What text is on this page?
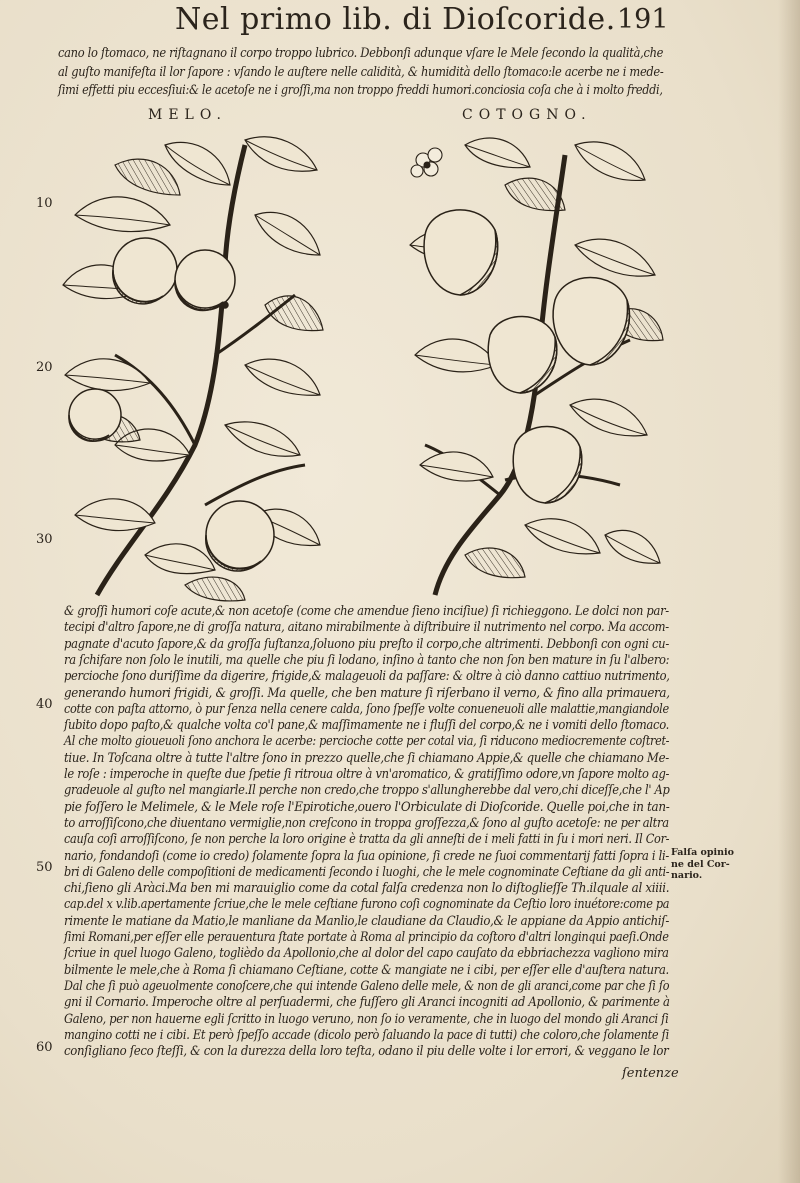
Nel primo lib. di Dioſcoride. 191
cano lo ſtomaco, ne riſtagnano il corpo troppo lubrico. Debbonſi adunque vſare le Mele ſecondo la qualità,che
al guſto manifeſta il lor ſapore : vſando le auſtere nelle calidità, & humidità dello ſtomaco:le acerbe ne i mede-
ſimi effetti piu eccesſiui:& le acetoſe ne i groſſi,ma non troppo freddi humori.conciosia coſa che à i molto freddi,
MELO.	COTOGNO.
& groſſi humori coſe acute,& non acetoſe (come che amendue ſieno inciſiue) ſi richieggono. Le dolci non par-
tecipi d'altro ſapore,ne di groſſa natura, aitano mirabilmente à diſtribuire il nutrimento nel corpo. Ma accom-
pagnate d'acuto ſapore,& da groſſa ſuſtanza,ſoluono piu preſto il corpo,che altrimenti. Debbonſi con ogni cu-
ra ſchifare non ſolo le inutili, ma quelle che piu ſi lodano, inſino à tanto che non ſon ben mature in ſu l'albero:
percioche ſono duriſſime da digerire, frigide,& malageuoli da paſſare: & oltre à ciò danno cattiuo nutrimento,
generando humori frigidi, & groſſi. Ma quelle, che ben mature ſi riſerbano il verno, & fino alla primauera,
cotte con paſta attorno, ò pur ſenza nella cenere calda, ſono ſpeſſe volte conueneuoli alle malattie,mangiandole
ſubito dopo paſto,& qualche volta co'l pane,& maſſimamente ne i fluſſi del corpo,& ne i vomiti dello ſtomaco.
Al che molto gioueuoli ſono anchora le acerbe: percioche cotte per cotal via, ſi riducono mediocremente coſtret-
tiue. In Toſcana oltre à tutte l'altre ſono in prezzo quelle,che ſi chiamano Appie,& quelle che chiamano Me-
le roſe : imperoche in queſte due ſpetie ſi ritroua oltre à vn'aromatico, & gratiſſimo odore,vn ſapore molto ag-
gradeuole al guſto nel mangiarle.Il perche non credo,che troppo s'allungherebbe dal vero,chi diceſſe,che l' Ap
pie foſſero le Melimele, & le Mele roſe l'Epirotiche,ouero l'Orbiculate di Dioſcoride. Quelle poi,che in tan-
to arroſſiſcono,che diuentano vermiglie,non creſcono in troppa groſſezza,& ſono al guſto acetoſe: ne per altra
cauſa coſi arroſſiſcono, ſe non perche la loro origine è tratta da gli anneſti de i meli fatti in ſu i mori neri. Il Cor-
nario, fondandoſi (come io credo) ſolamente ſopra la ſua opinione, ſi crede ne ſuoi commentarij fatti ſopra i li-
bri di Galeno delle compoſitioni de medicamenti ſecondo i luoghi, che le mele cognominate Ceſtiane da gli anti-
chi,ſieno gli Aràci.Ma ben mi marauiglio come da cotal falſa credenza non lo diſtoglieſſe Th.ilquale al xiiii.
cap.del x v.lib.apertamente ſcriue,che le mele ceſtiane furono coſi cognominate da Ceſtio loro inuétore:come pa
rimente le matiane da Matio,le manliane da Manlio,le claudiane da Claudio,& le appiane da Appio antichiſ-
ſimi Romani,per eſſer elle perauentura ſtate portate à Roma al principio da coſtoro d'altri longinqui paeſi.Onde
ſcriue in quel luogo Galeno, toglièdo da Apollonio,che al dolor del capo cauſato da ebbriachezza vagliono mira
bilmente le mele,che à Roma ſi chiamano Ceſtiane, cotte & mangiate ne i cibi, per eſſer elle d'auſtera natura.
Dal che ſi può ageuolmente conoſcere,che qui intende Galeno delle mele, & non de gli aranci,come par che ſi ſo
gni il Cornario. Imperoche oltre al perſuadermi, che fuſſero gli Aranci incogniti ad Apollonio, & parimente à
Galeno, per non hauerne egli ſcritto in luogo veruno, non ſo io veramente, che in luogo del mondo gli Aranci ſi
mangino cotti ne i cibi. Et però ſpeſſo accade (dicolo però ſaluando la pace di tutti) che coloro,che ſolamente ſi
conſigliano ſeco ſteſſi, & con la durezza della loro teſta, odano il piu delle volte i lor errori, & veggano le lor
10
20
30
40
50
60
Falſa opinio
ne del Cor-
nario.
ſentenze
